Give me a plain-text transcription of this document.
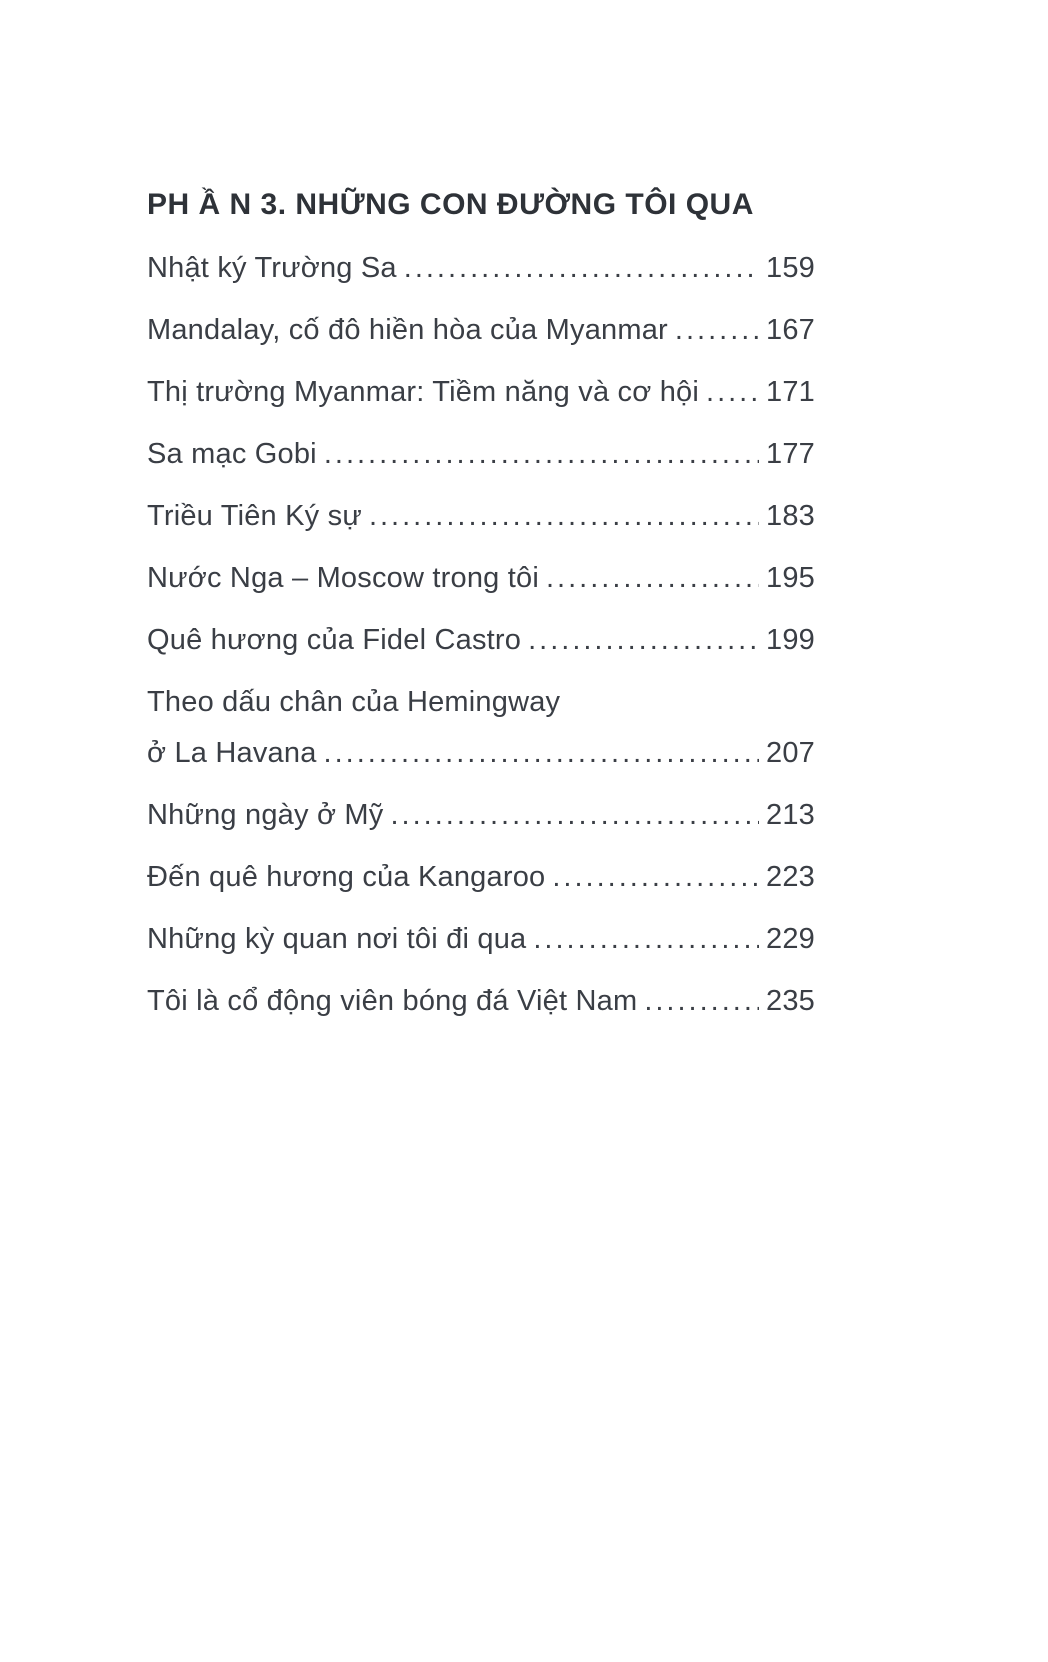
PH Ầ N 3. NHỮNG CON ĐƯỜNG TÔI QUA
Nhật ký Trường Sa .....	159
Mandalay, cố đô hiền hòa của Myanmar .....	167
Thị trường Myanmar: Tiềm năng và cơ hội ..... 171
Sa mạc Gobi .....	177
Triều Tiên Ký sự .....	183
Nước Nga – Moscow trong tôi .....	195
Quê hương của Fidel Castro .....	199
Theo dấu chân của Hemingway
ở La Havana .....	207
Những ngày ở Mỹ .....	213
Đến quê hương của Kangaroo .....	223
Những kỳ quan nơi tôi đi qua .....	229
Tôi là cổ động viên bóng đá Việt Nam .....	235
